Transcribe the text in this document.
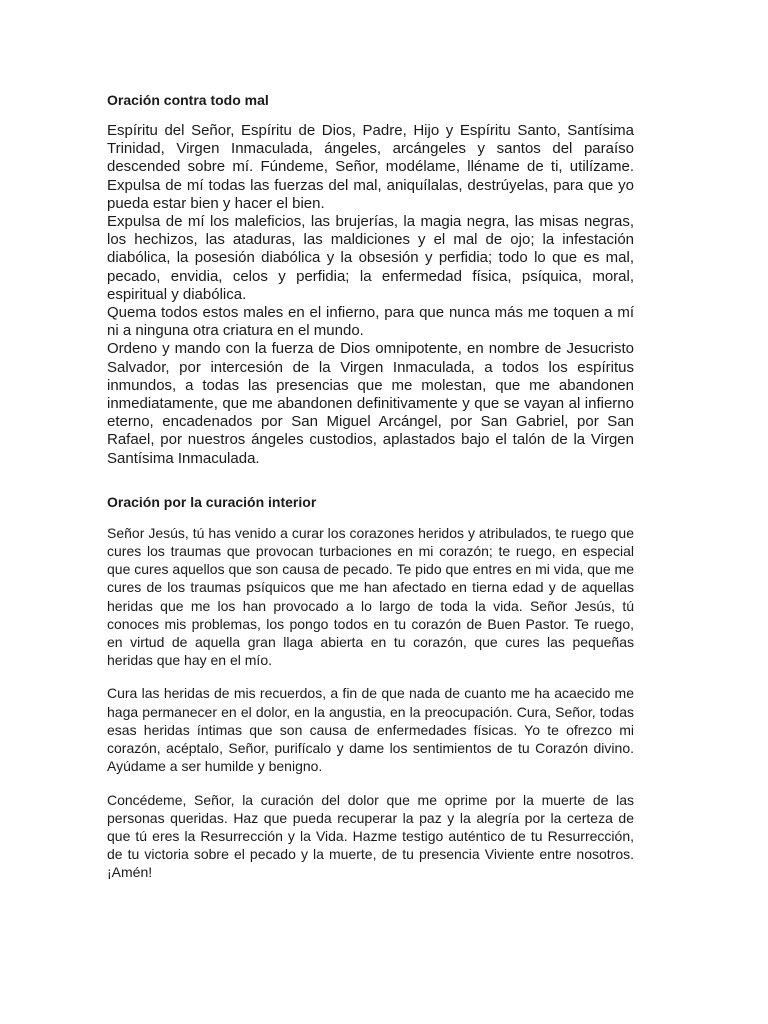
Oración contra todo mal

Espíritu del Señor, Espíritu de Dios, Padre, Hijo y Espíritu Santo, Santísima Trinidad, Virgen Inmaculada, ángeles, arcángeles y santos del paraíso descended sobre mí. Fúndeme, Señor, modélame, lléname de ti, utilízame. Expulsa de mí todas las fuerzas del mal, aniquílalas, destrúyelas, para que yo pueda estar bien y hacer el bien.

Expulsa de mí los maleficios, las brujerías, la magia negra, las misas negras, los hechizos, las ataduras, las maldiciones y el mal de ojo; la infestación diabólica, la posesión diabólica y la obsesión y perfidia; todo lo que es mal, pecado, envidia, celos y perfidia; la enfermedad física, psíquica, moral, espiritual y diabólica.

Quema todos estos males en el infierno, para que nunca más me toquen a mí ni a ninguna otra criatura en el mundo.

Ordeno y mando con la fuerza de Dios omnipotente, en nombre de Jesucristo Salvador, por intercesión de la Virgen Inmaculada, a todos los espíritus inmundos, a todas las presencias que me molestan, que me abandonen inmediatamente, que me abandonen definitivamente y que se vayan al infierno eterno, encadenados por San Miguel Arcángel, por San Gabriel, por San Rafael, por nuestros ángeles custodios, aplastados bajo el talón de la Virgen Santísima Inmaculada.

Oración por la curación interior

Señor Jesús, tú has venido a curar los corazones heridos y atribulados, te ruego que cures los traumas que provocan turbaciones en mi corazón; te ruego, en especial que cures aquellos que son causa de pecado. Te pido que entres en mi vida, que me cures de los traumas psíquicos que me han afectado en tierna edad y de aquellas heridas que me los han provocado a lo largo de toda la vida. Señor Jesús, tú conoces mis problemas, los pongo todos en tu corazón de Buen Pastor. Te ruego, en virtud de aquella gran llaga abierta en tu corazón, que cures las pequeñas heridas que hay en el mío.

Cura las heridas de mis recuerdos, a fin de que nada de cuanto me ha acaecido me haga permanecer en el dolor, en la angustia, en la preocupación. Cura, Señor, todas esas heridas íntimas que son causa de enfermedades físicas. Yo te ofrezco mi corazón, acéptalo, Señor, purifícalo y dame los sentimientos de tu Corazón divino. Ayúdame a ser humilde y benigno.

Concédeme, Señor, la curación del dolor que me oprime por la muerte de las personas queridas. Haz que pueda recuperar la paz y la alegría por la certeza de que tú eres la Resurrección y la Vida. Hazme testigo auténtico de tu Resurrección, de tu victoria sobre el pecado y la muerte, de tu presencia Viviente entre nosotros. ¡Amén!
